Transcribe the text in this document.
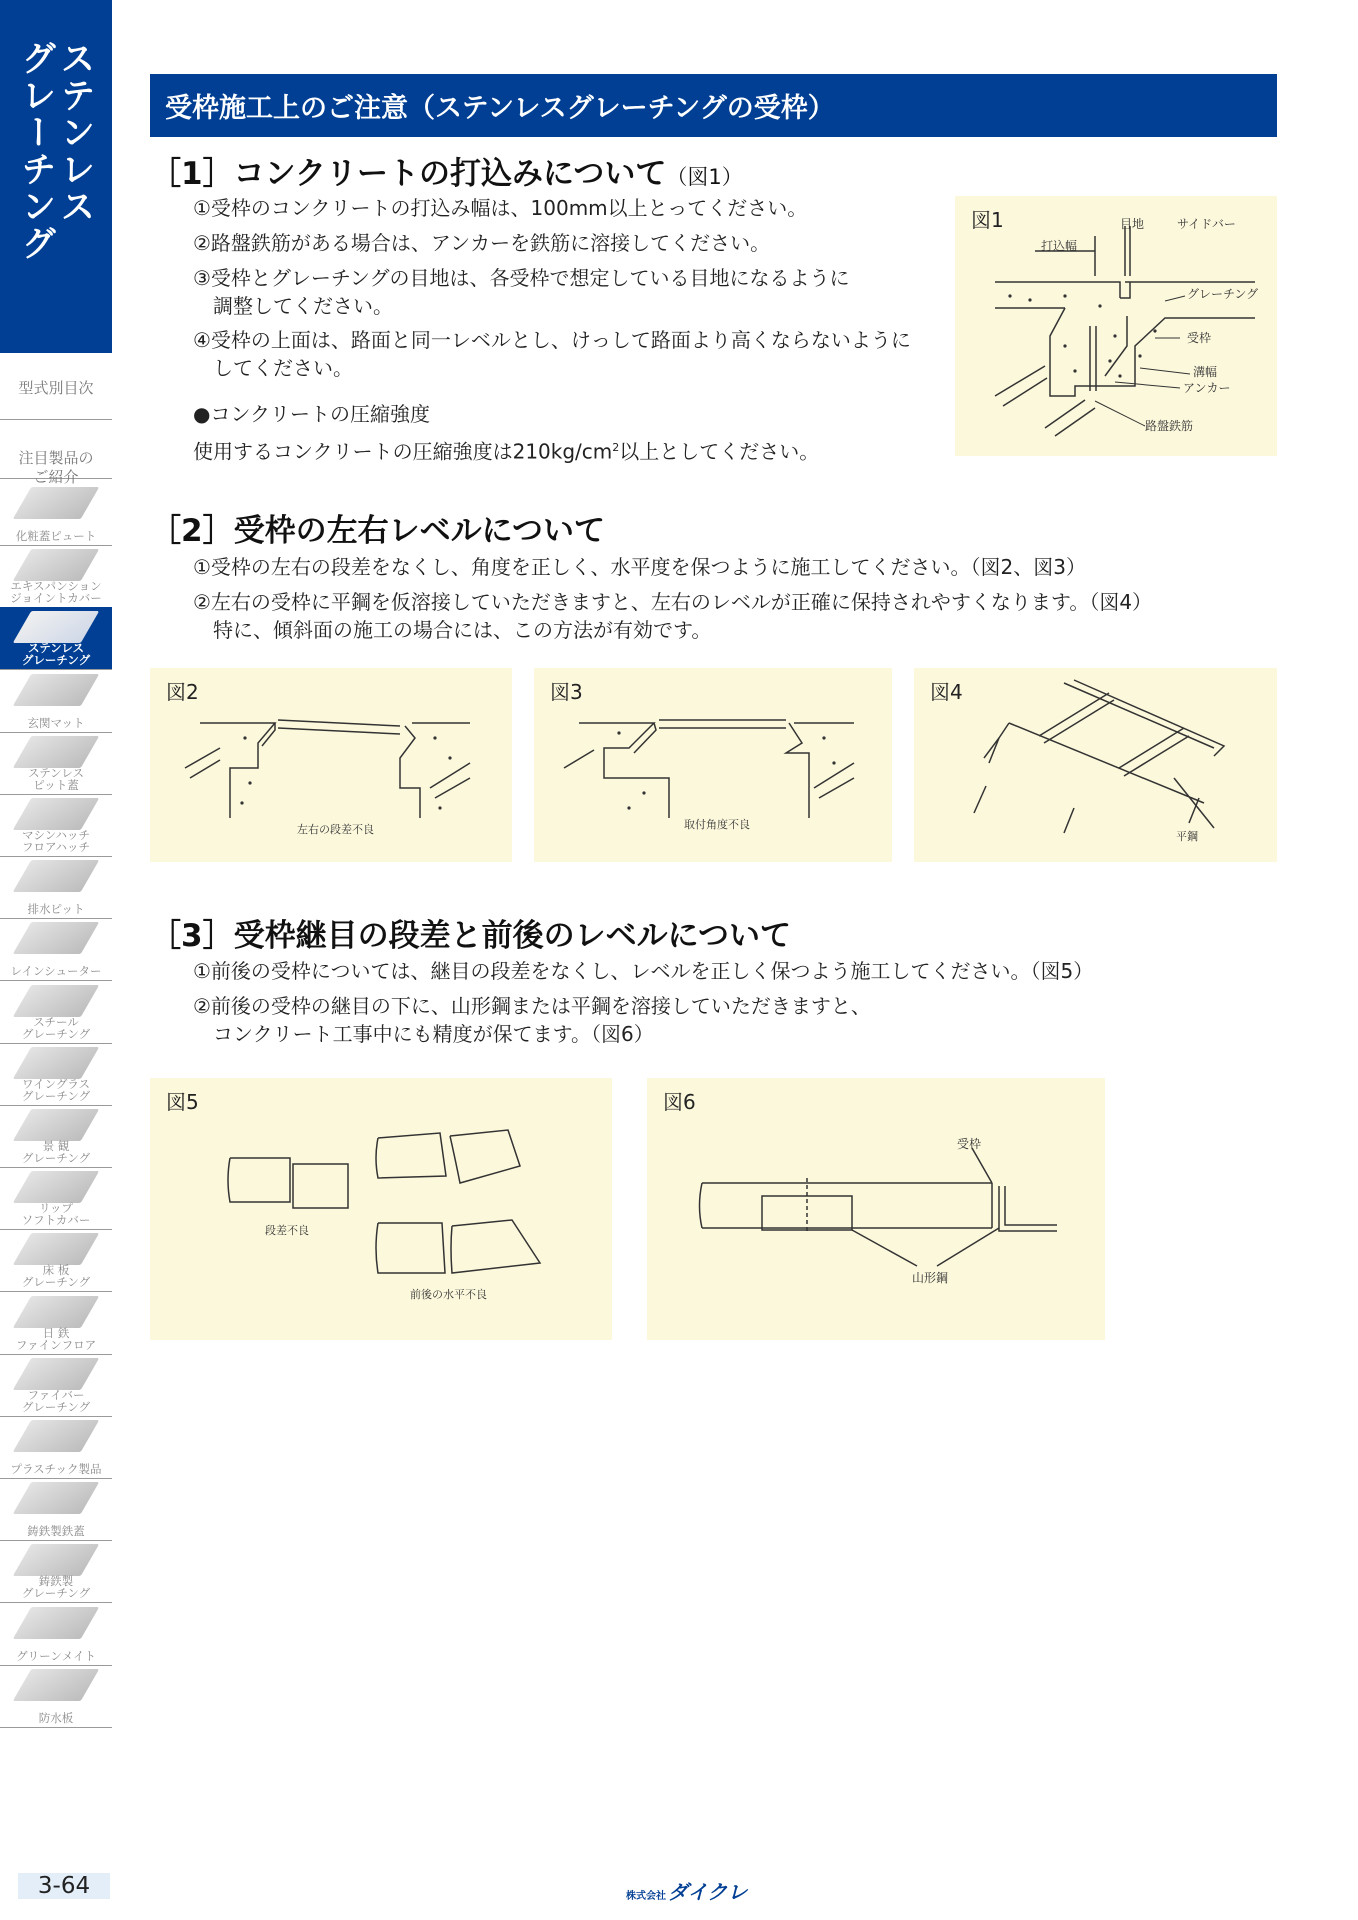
ステンレス
グレーチング
型式別目次

注目製品の
ご紹介

化粧蓋ピュート
エキスパンション
ジョイントカバー
ステンレス
グレーチング
玄関マット
ステンレス
ピット蓋
マシンハッチ
フロアハッチ
排水ピット
レインシューター
スチール
グレーチング
ワイングラス
グレーチング
景 観
グレーチング
リップ
ソフトカバー
床 板
グレーチング
日 鉄
ファインフロア
ファイバー
グレーチング
プラスチック製品
鋳鉄製鉄蓋
鋳鉄製
グレーチング
グリーンメイト
防水板
受枠施工上のご注意（ステンレスグレーチングの受枠）
［1］コンクリートの打込みについて（図1）
①受枠のコンクリートの打込み幅は、100mm以上とってください。
②路盤鉄筋がある場合は、アンカーを鉄筋に溶接してください。
③受枠とグレーチングの目地は、各受枠で想定している目地になるように
　調整してください。
④受枠の上面は、路面と同一レベルとし、けっして路面より高くならないように
　してください。
●コンクリートの圧縮強度
使用するコンクリートの圧縮強度は$210kg/cm^2$以上としてください。
図1	目地	サイドバー
打込幅
グレーチング
受枠
溝幅
アンカー
路盤鉄筋
［2］受枠の左右レベルについて
①受枠の左右の段差をなくし、角度を正しく、水平度を保つように施工してください。（図2、図3）
②左右の受枠に平鋼を仮溶接していただきますと、左右のレベルが正確に保持されやすくなります。（図4）
　特に、傾斜面の施工の場合には、この方法が有効です。
図2
左右の段差不良
図3
取付角度不良
図4
平鋼
［3］受枠継目の段差と前後のレベルについて
①前後の受枠については、継目の段差をなくし、レベルを正しく保つよう施工してください。（図5）
②前後の受枠の継目の下に、山形鋼または平鋼を溶接していただきますと、
　コンクリート工事中にも精度が保てます。（図6）
図5
段差不良
前後の水平不良
図6
受枠
山形鋼
3-64	株式会社 ダイクレ
